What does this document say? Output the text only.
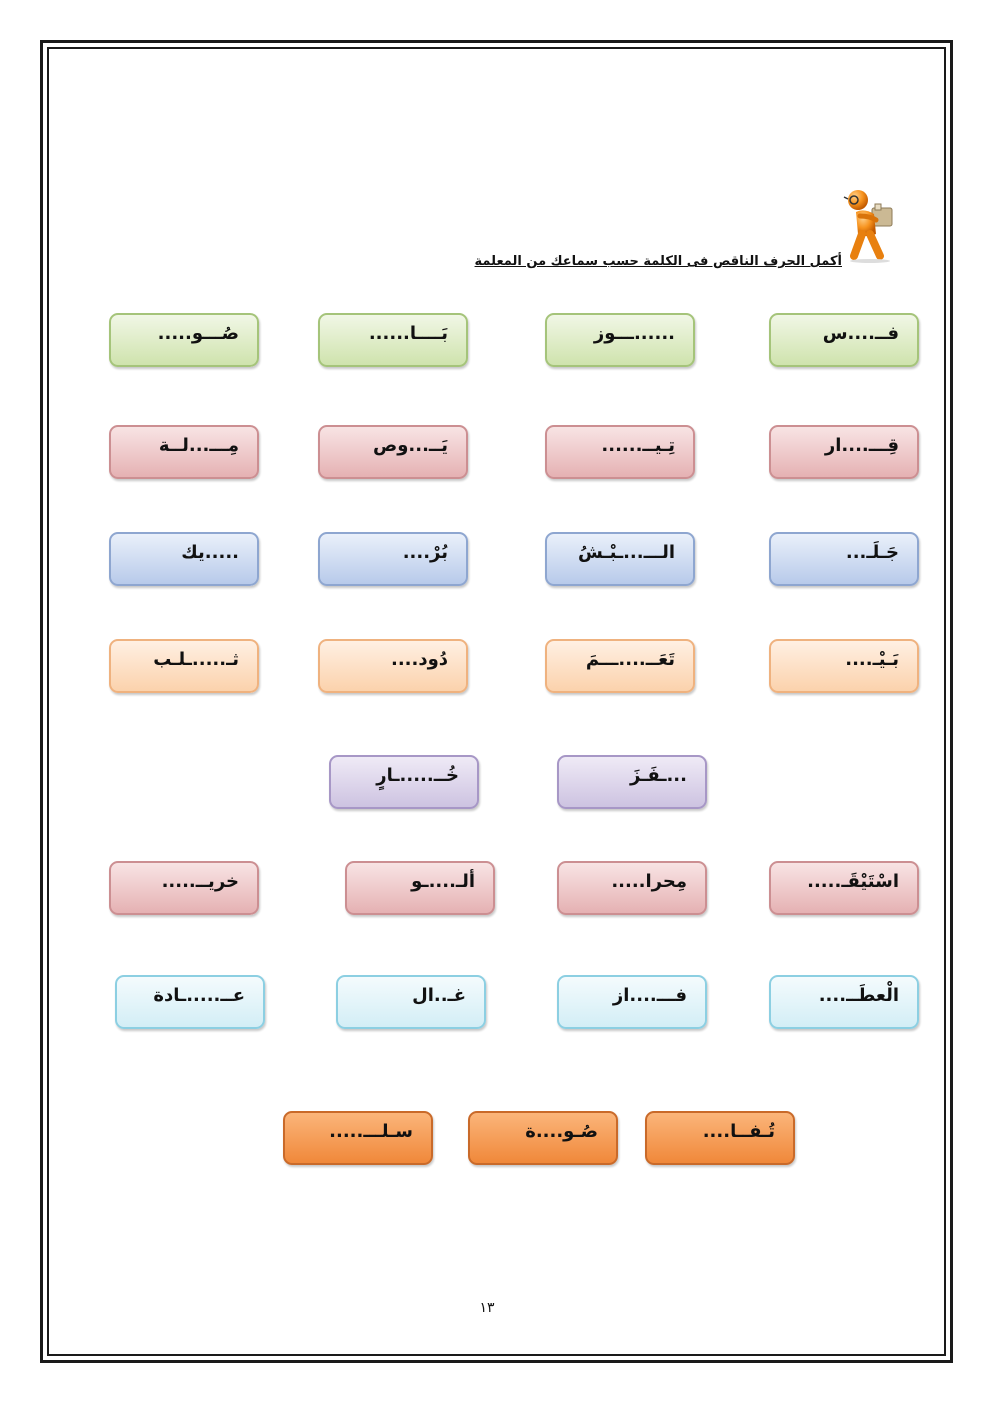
أكمل الحرف الناقص فى الكلمة حسب سماعك من المعلمة
فــ....س
......ـــوز
بَــــا......
صُـــو.....
قِـــ....ار
تِـيــ......
يَــ...وص
مِـــ...لــة
جَـلَـ...
الـــ...ـبْـشُ
بُرْ....
.....يك
بَـيْـ....
تَعَــ....ـــمَ
دُود....
ثـ.....ـلـب
...ـفَـزَ
خُــ.....ـارٍ
اسْتَيْقَـ.....
مِحرا.....
ألـ....ـو
خريــ.....
الْعطَــ....
فـــ....از
غـ..ال
عــ.....ـادة
تُـفــا....
صُـو....ة
سـلـــ.....
١٣
